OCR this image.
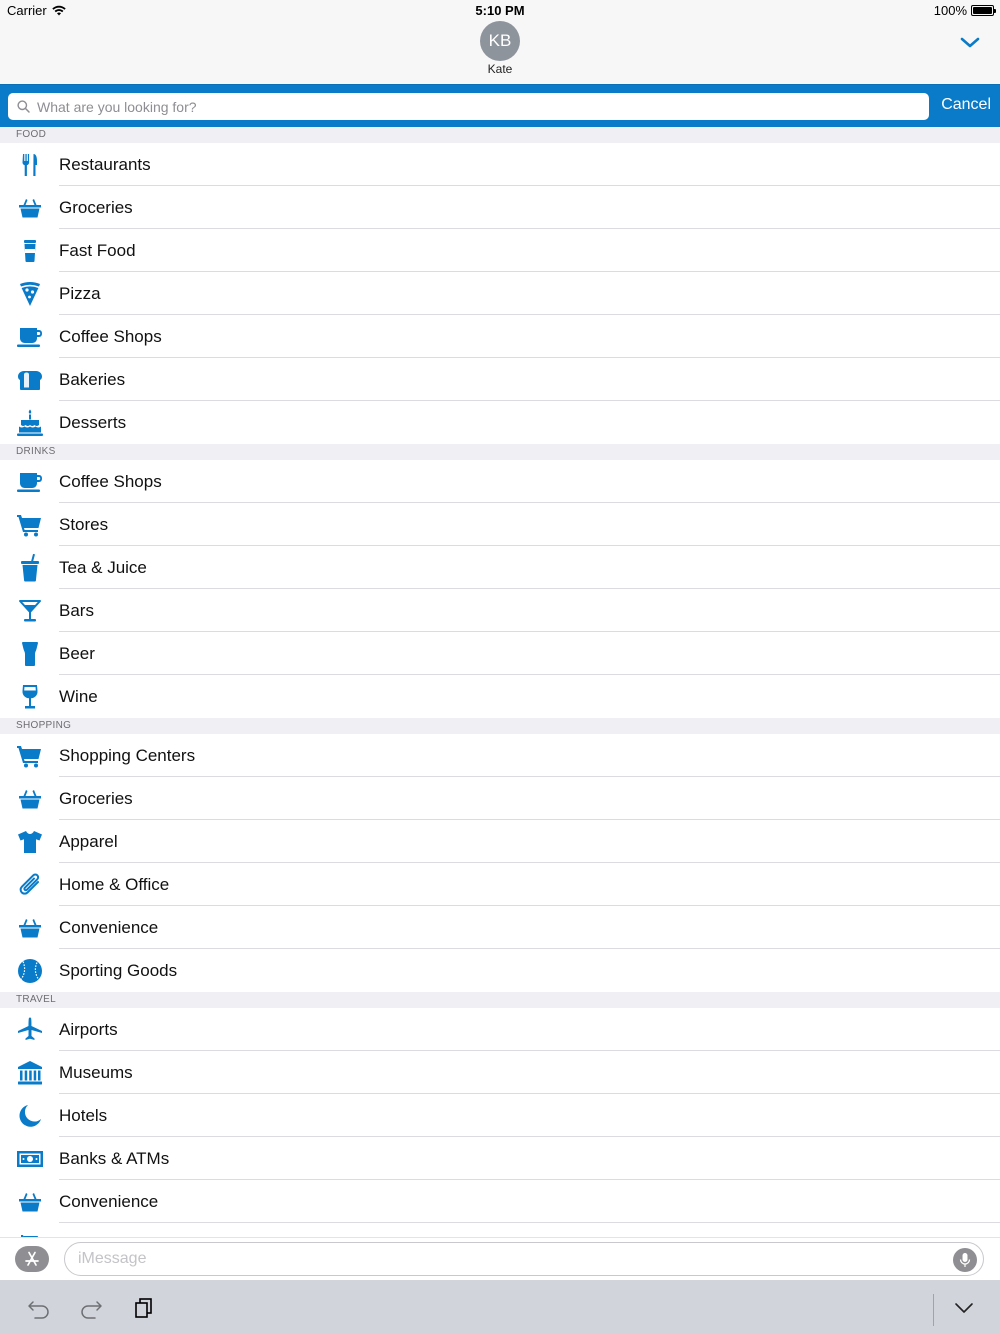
Carrier	5:10 PM	100%
KB
Kate
What are you looking for?
Cancel
FOOD
Restaurants
Groceries
Fast Food
Pizza
Coffee Shops
Bakeries
Desserts
DRINKS
Coffee Shops
Stores
Tea & Juice
Bars
Beer
Wine
SHOPPING
Shopping Centers
Groceries
Apparel
Home & Office
Convenience
Sporting Goods
TRAVEL
Airports
Museums
Hotels
Banks & ATMs
Convenience
iMessage
